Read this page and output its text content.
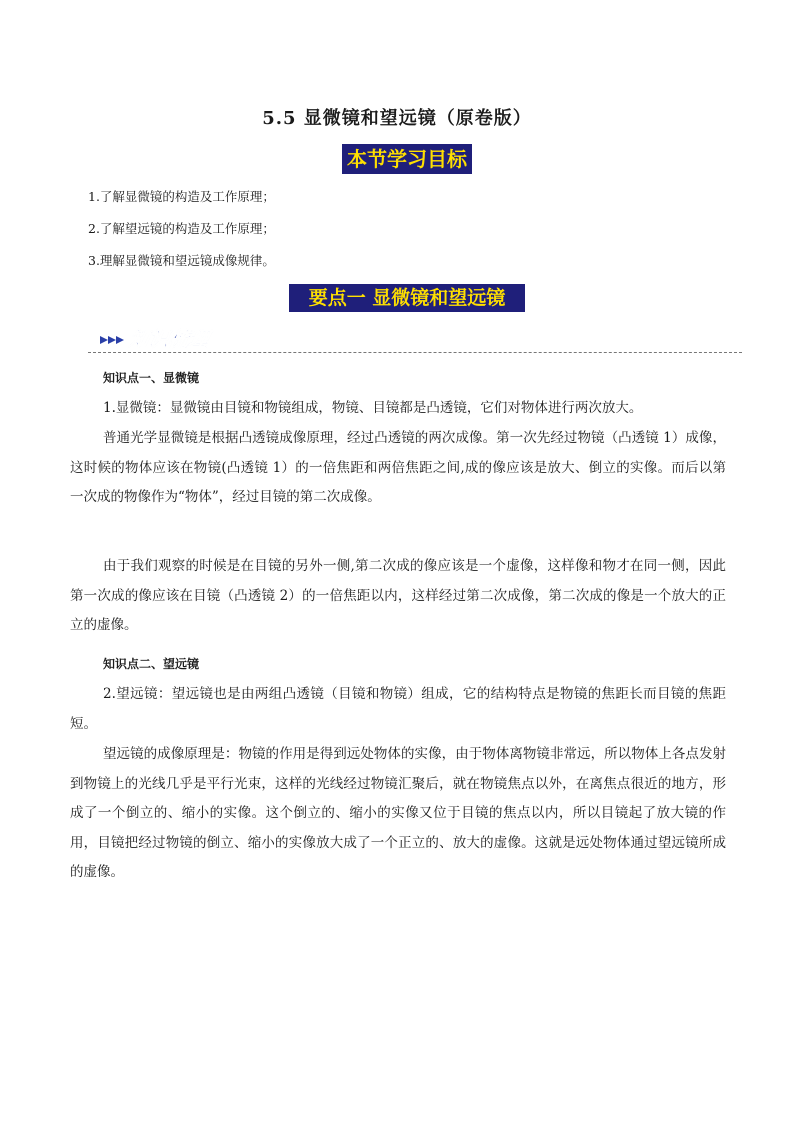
5.5 显微镜和望远镜（原卷版）
本节学习目标
1.了解显微镜的构造及工作原理；
2.了解望远镜的构造及工作原理；
3.理解显微镜和望远镜成像规律。
要点一 显微镜和望远镜
知识梳理
知识点一、显微镜
1.显微镜：显微镜由目镜和物镜组成，物镜、目镜都是凸透镜，它们对物体进行两次放大。
普通光学显微镜是根据凸透镜成像原理，经过凸透镜的两次成像。第一次先经过物镜（凸透镜 1）成像，这时候的物体应该在物镜(凸透镜 1）的一倍焦距和两倍焦距之间,成的像应该是放大、倒立的实像。而后以第一次成的物像作为“物体”，经过目镜的第二次成像。
由于我们观察的时候是在目镜的另外一侧,第二次成的像应该是一个虚像，这样像和物才在同一侧，因此第一次成的像应该在目镜（凸透镜 2）的一倍焦距以内，这样经过第二次成像，第二次成的像是一个放大的正立的虚像。
知识点二、望远镜
2.望远镜：望远镜也是由两组凸透镜（目镜和物镜）组成，它的结构特点是物镜的焦距长而目镜的焦距短。
望远镜的成像原理是：物镜的作用是得到远处物体的实像，由于物体离物镜非常远，所以物体上各点发射到物镜上的光线几乎是平行光束，这样的光线经过物镜汇聚后，就在物镜焦点以外，在离焦点很近的地方，形成了一个倒立的、缩小的实像。这个倒立的、缩小的实像又位于目镜的焦点以内，所以目镜起了放大镜的作用，目镜把经过物镜的倒立、缩小的实像放大成了一个正立的、放大的虚像。这就是远处物体通过望远镜所成的虚像。
